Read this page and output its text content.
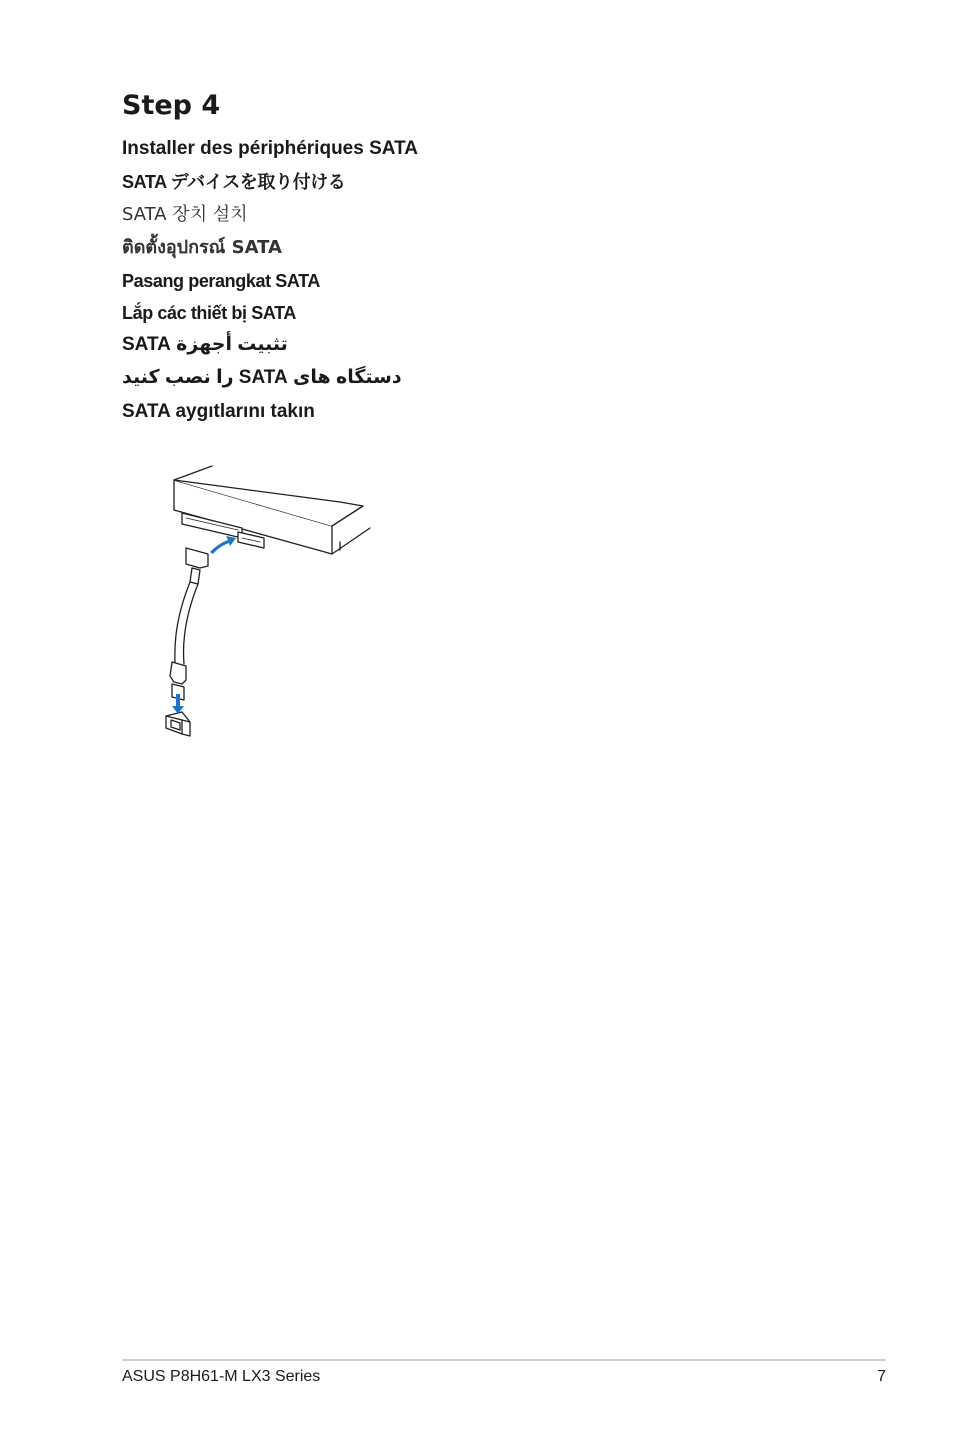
Step 4

Installer des périphériques SATA

SATA デバイスを取り付ける

SATA 장치 설치

ติดตั้งอุปกรณ์ SATA

Pasang perangkat SATA

Lắp các thiết bị SATA

تثبيت أجهزة SATA

دستگاه های SATA را نصب کنید

SATA aygıtlarını takın

ASUS P8H61-M LX3 Series	7
